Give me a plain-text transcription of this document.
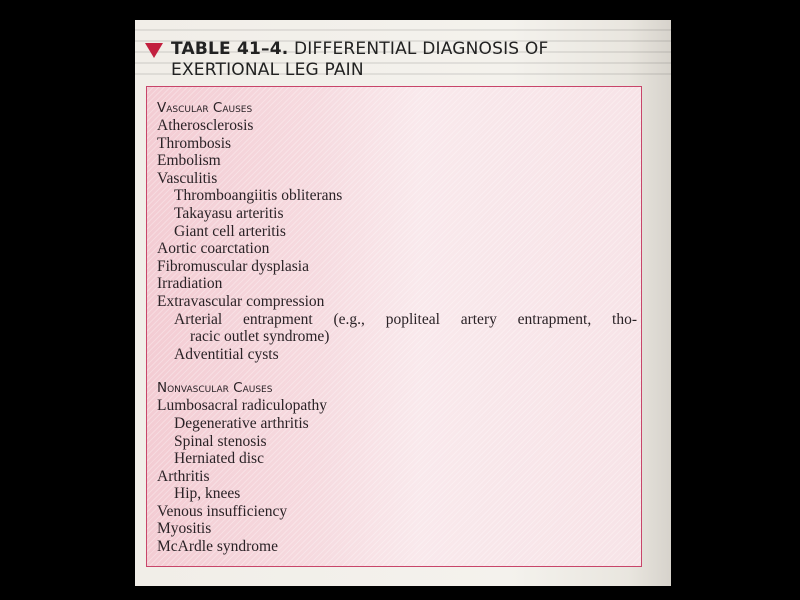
TABLE 41–4. DIFFERENTIAL DIAGNOSIS OF
EXERTIONAL LEG PAIN
Vascular Causes
Atherosclerosis
Thrombosis
Embolism
Vasculitis
Thromboangiitis obliterans
Takayasu arteritis
Giant cell arteritis
Aortic coarctation
Fibromuscular dysplasia
Irradiation
Extravascular compression
Arterial entrapment (e.g., popliteal artery entrapment, tho-
racic outlet syndrome)
Adventitial cysts
Nonvascular Causes
Lumbosacral radiculopathy
Degenerative arthritis
Spinal stenosis
Herniated disc
Arthritis
Hip, knees
Venous insufficiency
Myositis
McArdle syndrome
